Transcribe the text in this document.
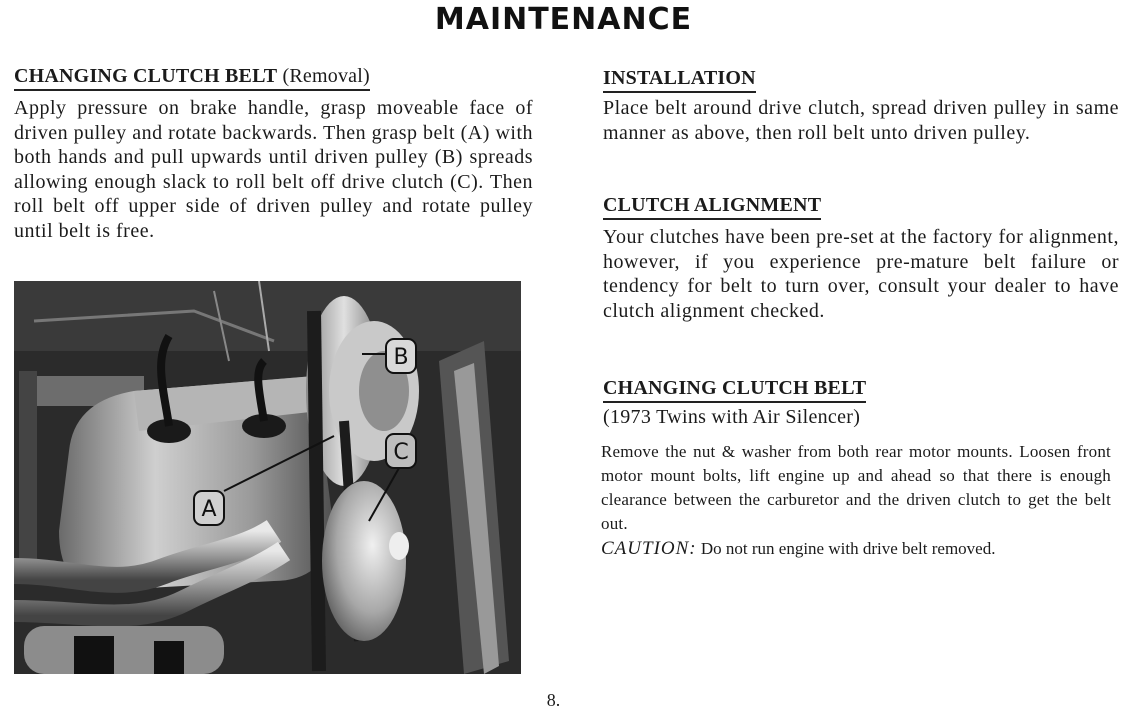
MAINTENANCE
CHANGING CLUTCH BELT (Removal)
Apply pressure on brake handle, grasp moveable face of driven pulley and rotate backwards. Then grasp belt (A) with both hands and pull upwards until driven pulley (B) spreads allowing enough slack to roll belt off drive clutch (C). Then roll belt off upper side of driven pulley and rotate pulley until belt is free.
B
C
A
INSTALLATION
Place belt around drive clutch, spread driven pulley in same manner as above, then roll belt unto driven pulley.
CLUTCH ALIGNMENT
Your clutches have been pre-set at the factory for alignment, however, if you experience pre-mature belt failure or tendency for belt to turn over, consult your dealer to have clutch alignment checked.
CHANGING CLUTCH BELT
(1973 Twins with Air Silencer)
Remove the nut & washer from both rear motor mounts. Loosen front motor mount bolts, lift engine up and ahead so that there is enough clearance between the carburetor and the driven clutch to get the belt out.
CAUTION: Do not run engine with drive belt removed.
8.
